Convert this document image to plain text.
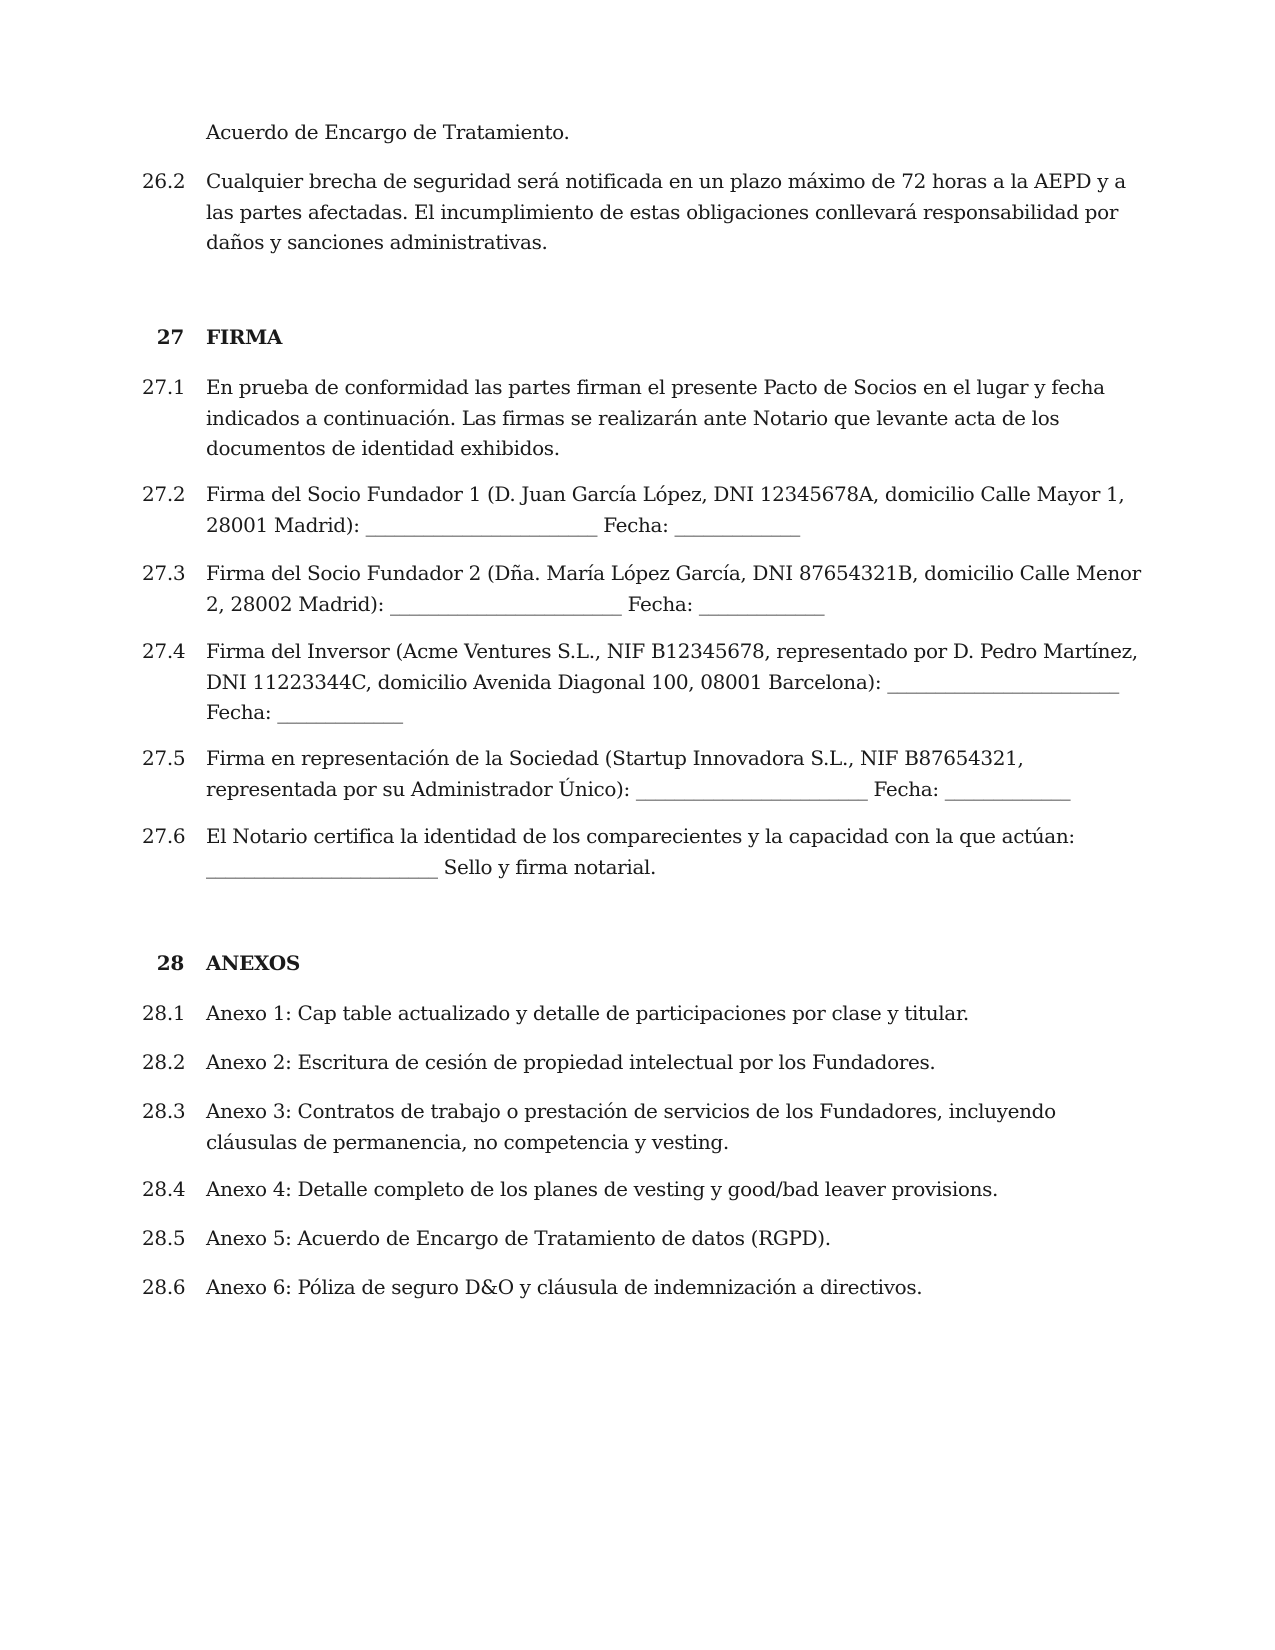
Acuerdo de Encargo de Tratamiento.
26.2 Cualquier brecha de seguridad será notificada en un plazo máximo de 72 horas a la AEPD y a
las partes afectadas. El incumplimiento de estas obligaciones conllevará responsabilidad por
daños y sanciones administrativas.
27 FIRMA
27.1 En prueba de conformidad las partes firman el presente Pacto de Socios en el lugar y fecha
indicados a continuación. Las firmas se realizarán ante Notario que levante acta de los
documentos de identidad exhibidos.
27.2 Firma del Socio Fundador 1 (D. Juan García López, DNI 12345678A, domicilio Calle Mayor 1,
28001 Madrid): ________________________ Fecha: _____________
27.3 Firma del Socio Fundador 2 (Dña. María López García, DNI 87654321B, domicilio Calle Menor
2, 28002 Madrid): ________________________ Fecha: _____________
27.4 Firma del Inversor (Acme Ventures S.L., NIF B12345678, representado por D. Pedro Martínez,
DNI 11223344C, domicilio Avenida Diagonal 100, 08001 Barcelona): ________________________
Fecha: _____________
27.5 Firma en representación de la Sociedad (Startup Innovadora S.L., NIF B87654321,
representada por su Administrador Único): ________________________ Fecha: _____________
27.6 El Notario certifica la identidad de los comparecientes y la capacidad con la que actúan:
________________________ Sello y firma notarial.
28 ANEXOS
28.1 Anexo 1: Cap table actualizado y detalle de participaciones por clase y titular.
28.2 Anexo 2: Escritura de cesión de propiedad intelectual por los Fundadores.
28.3 Anexo 3: Contratos de trabajo o prestación de servicios de los Fundadores, incluyendo
cláusulas de permanencia, no competencia y vesting.
28.4 Anexo 4: Detalle completo de los planes de vesting y good/bad leaver provisions.
28.5 Anexo 5: Acuerdo de Encargo de Tratamiento de datos (RGPD).
28.6 Anexo 6: Póliza de seguro D&O y cláusula de indemnización a directivos.
